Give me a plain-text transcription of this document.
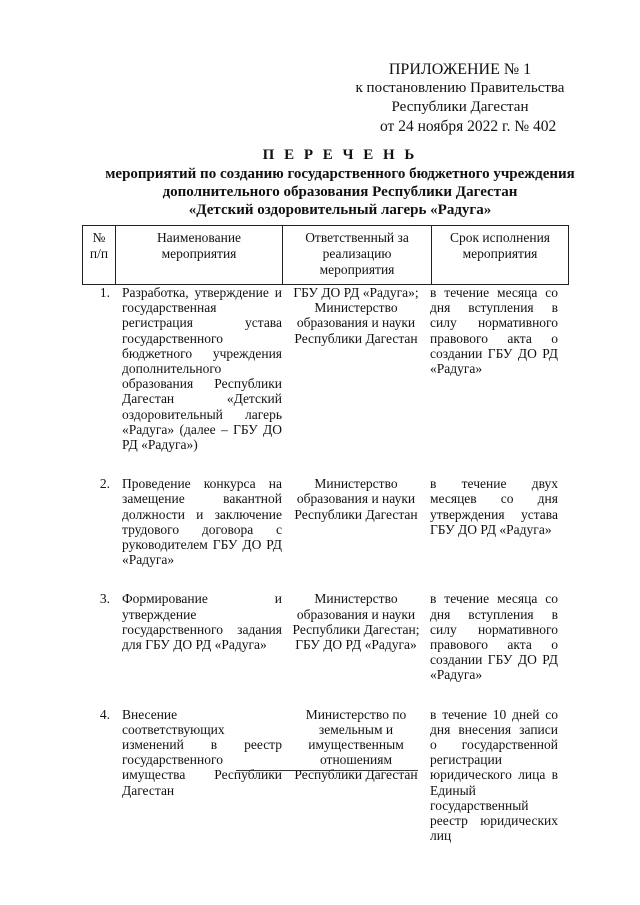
ПРИЛОЖЕНИЕ № 1
к постановлению Правительства
Республики Дагестан
от 24 ноября 2022 г. № 402
П Е Р Е Ч Е Н Ь
мероприятий по созданию государственного бюджетного учреждения
дополнительного образования Республики Дагестан
«Детский оздоровительный лагерь «Радуга»
№ п/п	Наименование мероприятия	Ответственный за реализацию мероприятия	Срок исполнения мероприятия
1.	Разработка, утверждение и государственная регистрация устава государственного бюджетного учреждения дополнительного образования Республики Дагестан «Детский оздоровительный лагерь «Радуга» (далее – ГБУ ДО РД «Радуга»)	ГБУ ДО РД «Радуга»; Министерство образования и науки Республики Дагестан	в течение месяца со дня вступления в силу нормативного правового акта о создании ГБУ ДО РД «Радуга»

2.	Проведение конкурса на замещение вакантной должности и заключение трудового договора с руководителем ГБУ ДО РД «Радуга»	Министерство образования и науки Республики Дагестан	в течение двух месяцев со дня утверждения устава ГБУ ДО РД «Радуга»

3.	Формирование и утверждение государственного задания для ГБУ ДО РД «Радуга»	Министерство образования и науки Республики Дагестан; ГБУ ДО РД «Радуга»	в течение месяца со дня вступления в силу нормативного правового акта о создании ГБУ ДО РД «Радуга»

4.	Внесение соответствующих изменений в реестр государственного имущества Республики Дагестан	Министерство по земельным и имущественным отношениям Республики Дагестан	в течение 10 дней со дня внесения записи о государственной регистрации юридического лица в Единый государственный реестр юридических лиц
